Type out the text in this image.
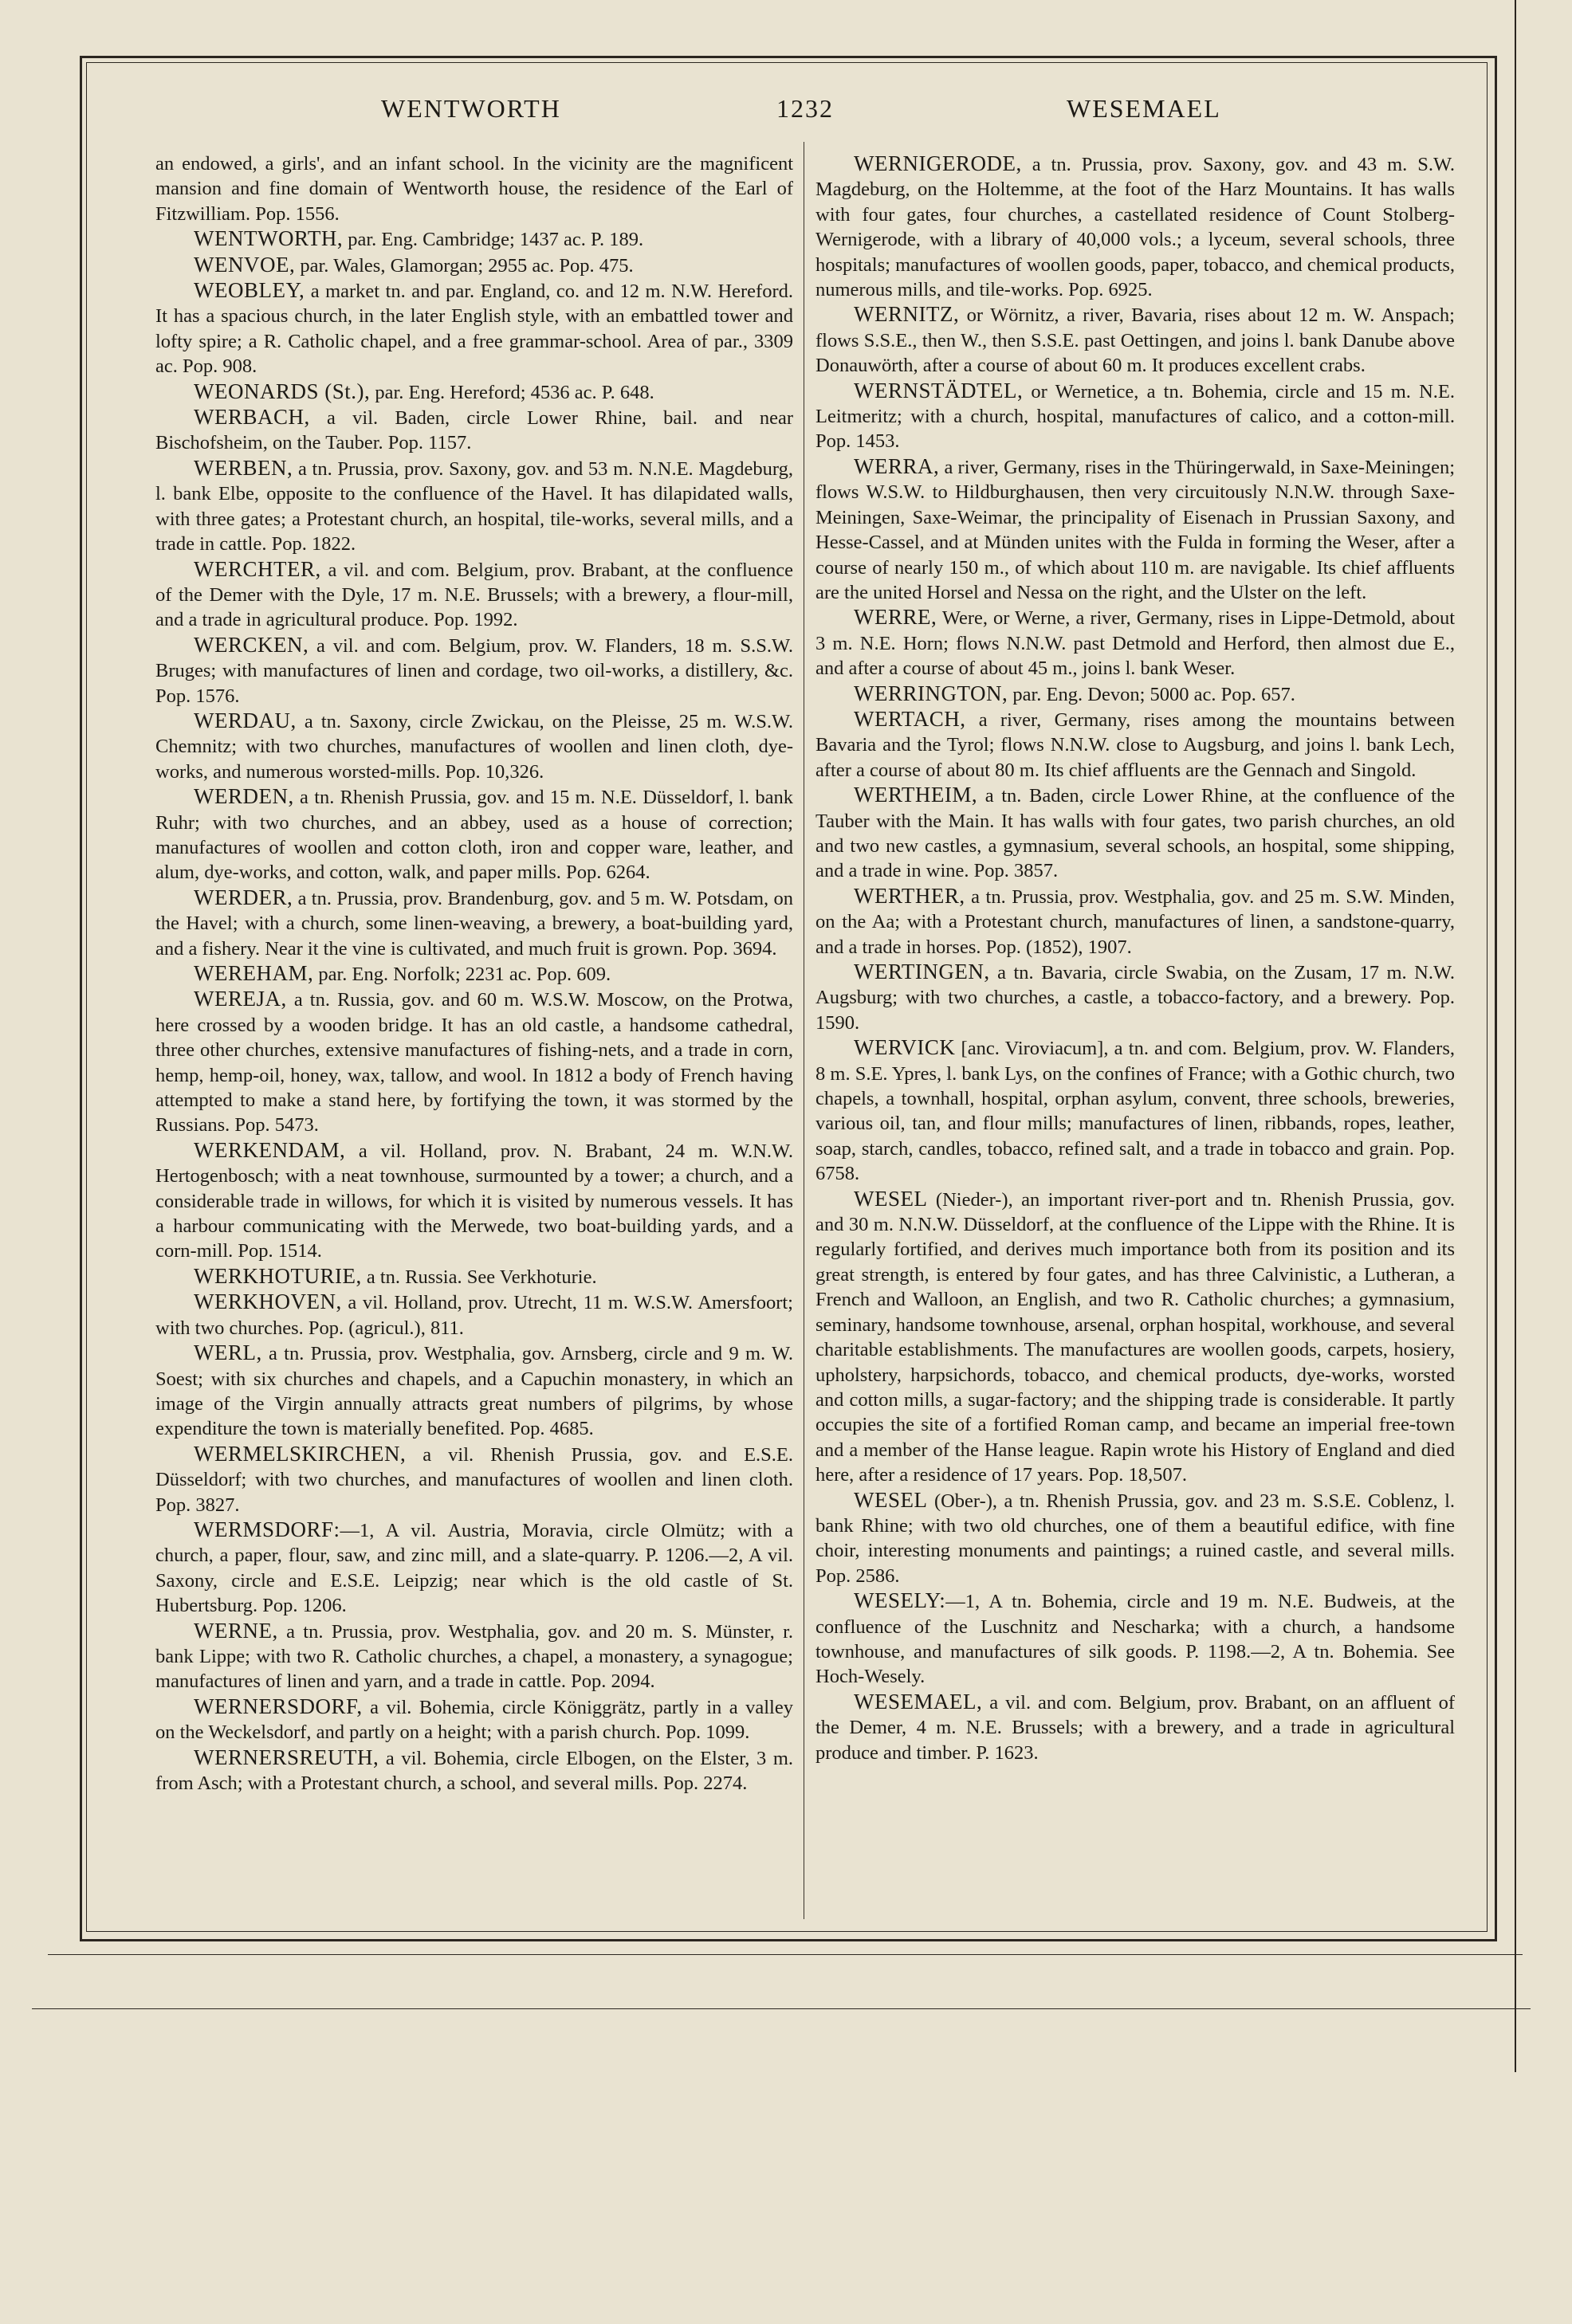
WENTWORTH	1232	WESEMAEL

an endowed, a girls', and an infant school. In the vicinity are the magnificent mansion and fine domain of Wentworth house, the residence of the Earl of Fitzwilliam. Pop. 1556.

WENTWORTH, par. Eng. Cambridge; 1437 ac. P. 189.

WENVOE, par. Wales, Glamorgan; 2955 ac. Pop. 475.

WEOBLEY, a market tn. and par. England, co. and 12 m. N.W. Hereford. It has a spacious church, in the later English style, with an embattled tower and lofty spire; a R. Catholic chapel, and a free grammar-school. Area of par., 3309 ac. Pop. 908.

WEONARDS (St.), par. Eng. Hereford; 4536 ac. P. 648.

WERBACH, a vil. Baden, circle Lower Rhine, bail. and near Bischofsheim, on the Tauber. Pop. 1157.

WERBEN, a tn. Prussia, prov. Saxony, gov. and 53 m. N.N.E. Magdeburg, l. bank Elbe, opposite to the confluence of the Havel. It has dilapidated walls, with three gates; a Protestant church, an hospital, tile-works, several mills, and a trade in cattle. Pop. 1822.

WERCHTER, a vil. and com. Belgium, prov. Brabant, at the confluence of the Demer with the Dyle, 17 m. N.E. Brussels; with a brewery, a flour-mill, and a trade in agricultural produce. Pop. 1992.

WERCKEN, a vil. and com. Belgium, prov. W. Flanders, 18 m. S.S.W. Bruges; with manufactures of linen and cordage, two oil-works, a distillery, &c. Pop. 1576.

WERDAU, a tn. Saxony, circle Zwickau, on the Pleisse, 25 m. W.S.W. Chemnitz; with two churches, manufactures of woollen and linen cloth, dye-works, and numerous worsted-mills. Pop. 10,326.

WERDEN, a tn. Rhenish Prussia, gov. and 15 m. N.E. Düsseldorf, l. bank Ruhr; with two churches, and an abbey, used as a house of correction; manufactures of woollen and cotton cloth, iron and copper ware, leather, and alum, dye-works, and cotton, walk, and paper mills. Pop. 6264.

WERDER, a tn. Prussia, prov. Brandenburg, gov. and 5 m. W. Potsdam, on the Havel; with a church, some linen-weaving, a brewery, a boat-building yard, and a fishery. Near it the vine is cultivated, and much fruit is grown. Pop. 3694.

WEREHAM, par. Eng. Norfolk; 2231 ac. Pop. 609.

WEREJA, a tn. Russia, gov. and 60 m. W.S.W. Moscow, on the Protwa, here crossed by a wooden bridge. It has an old castle, a handsome cathedral, three other churches, extensive manufactures of fishing-nets, and a trade in corn, hemp, hemp-oil, honey, wax, tallow, and wool. In 1812 a body of French having attempted to make a stand here, by fortifying the town, it was stormed by the Russians. Pop. 5473.

WERKENDAM, a vil. Holland, prov. N. Brabant, 24 m. W.N.W. Hertogenbosch; with a neat townhouse, surmounted by a tower; a church, and a considerable trade in willows, for which it is visited by numerous vessels. It has a harbour communicating with the Merwede, two boat-building yards, and a corn-mill. Pop. 1514.

WERKHOTURIE, a tn. Russia. See Verkhoturie.

WERKHOVEN, a vil. Holland, prov. Utrecht, 11 m. W.S.W. Amersfoort; with two churches. Pop. (agricul.), 811.

WERL, a tn. Prussia, prov. Westphalia, gov. Arnsberg, circle and 9 m. W. Soest; with six churches and chapels, and a Capuchin monastery, in which an image of the Virgin annually attracts great numbers of pilgrims, by whose expenditure the town is materially benefited. Pop. 4685.

WERMELSKIRCHEN, a vil. Rhenish Prussia, gov. and E.S.E. Düsseldorf; with two churches, and manufactures of woollen and linen cloth. Pop. 3827.

WERMSDORF:—1, A vil. Austria, Moravia, circle Olmütz; with a church, a paper, flour, saw, and zinc mill, and a slate-quarry. P. 1206.—2, A vil. Saxony, circle and E.S.E. Leipzig; near which is the old castle of St. Hubertsburg. Pop. 1206.

WERNE, a tn. Prussia, prov. Westphalia, gov. and 20 m. S. Münster, r. bank Lippe; with two R. Catholic churches, a chapel, a monastery, a synagogue; manufactures of linen and yarn, and a trade in cattle. Pop. 2094.

WERNERSDORF, a vil. Bohemia, circle Königgrätz, partly in a valley on the Weckelsdorf, and partly on a height; with a parish church. Pop. 1099.

WERNERSREUTH, a vil. Bohemia, circle Elbogen, on the Elster, 3 m. from Asch; with a Protestant church, a school, and several mills. Pop. 2274.

WERNIGERODE, a tn. Prussia, prov. Saxony, gov. and 43 m. S.W. Magdeburg, on the Holtemme, at the foot of the Harz Mountains. It has walls with four gates, four churches, a castellated residence of Count Stolberg-Wernigerode, with a library of 40,000 vols.; a lyceum, several schools, three hospitals; manufactures of woollen goods, paper, tobacco, and chemical products, numerous mills, and tile-works. Pop. 6925.

WERNITZ, or Wörnitz, a river, Bavaria, rises about 12 m. W. Anspach; flows S.S.E., then W., then S.S.E. past Oettingen, and joins l. bank Danube above Donauwörth, after a course of about 60 m. It produces excellent crabs.

WERNSTÄDTEL, or Wernetice, a tn. Bohemia, circle and 15 m. N.E. Leitmeritz; with a church, hospital, manufactures of calico, and a cotton-mill. Pop. 1453.

WERRA, a river, Germany, rises in the Thüringerwald, in Saxe-Meiningen; flows W.S.W. to Hildburghausen, then very circuitously N.N.W. through Saxe-Meiningen, Saxe-Weimar, the principality of Eisenach in Prussian Saxony, and Hesse-Cassel, and at Münden unites with the Fulda in forming the Weser, after a course of nearly 150 m., of which about 110 m. are navigable. Its chief affluents are the united Horsel and Nessa on the right, and the Ulster on the left.

WERRE, Were, or Werne, a river, Germany, rises in Lippe-Detmold, about 3 m. N.E. Horn; flows N.N.W. past Detmold and Herford, then almost due E., and after a course of about 45 m., joins l. bank Weser.

WERRINGTON, par. Eng. Devon; 5000 ac. Pop. 657.

WERTACH, a river, Germany, rises among the mountains between Bavaria and the Tyrol; flows N.N.W. close to Augsburg, and joins l. bank Lech, after a course of about 80 m. Its chief affluents are the Gennach and Singold.

WERTHEIM, a tn. Baden, circle Lower Rhine, at the confluence of the Tauber with the Main. It has walls with four gates, two parish churches, an old and two new castles, a gymnasium, several schools, an hospital, some shipping, and a trade in wine. Pop. 3857.

WERTHER, a tn. Prussia, prov. Westphalia, gov. and 25 m. S.W. Minden, on the Aa; with a Protestant church, manufactures of linen, a sandstone-quarry, and a trade in horses. Pop. (1852), 1907.

WERTINGEN, a tn. Bavaria, circle Swabia, on the Zusam, 17 m. N.W. Augsburg; with two churches, a castle, a tobacco-factory, and a brewery. Pop. 1590.

WERVICK [anc. Viroviacum], a tn. and com. Belgium, prov. W. Flanders, 8 m. S.E. Ypres, l. bank Lys, on the confines of France; with a Gothic church, two chapels, a townhall, hospital, orphan asylum, convent, three schools, breweries, various oil, tan, and flour mills; manufactures of linen, ribbands, ropes, leather, soap, starch, candles, tobacco, refined salt, and a trade in tobacco and grain. Pop. 6758.

WESEL (Nieder-), an important river-port and tn. Rhenish Prussia, gov. and 30 m. N.N.W. Düsseldorf, at the confluence of the Lippe with the Rhine. It is regularly fortified, and derives much importance both from its position and its great strength, is entered by four gates, and has three Calvinistic, a Lutheran, a French and Walloon, an English, and two R. Catholic churches; a gymnasium, seminary, handsome townhouse, arsenal, orphan hospital, workhouse, and several charitable establishments. The manufactures are woollen goods, carpets, hosiery, upholstery, harpsichords, tobacco, and chemical products, dye-works, worsted and cotton mills, a sugar-factory; and the shipping trade is considerable. It partly occupies the site of a fortified Roman camp, and became an imperial free-town and a member of the Hanse league. Rapin wrote his History of England and died here, after a residence of 17 years. Pop. 18,507.

WESEL (Ober-), a tn. Rhenish Prussia, gov. and 23 m. S.S.E. Coblenz, l. bank Rhine; with two old churches, one of them a beautiful edifice, with fine choir, interesting monuments and paintings; a ruined castle, and several mills. Pop. 2586.

WESELY:—1, A tn. Bohemia, circle and 19 m. N.E. Budweis, at the confluence of the Luschnitz and Nescharka; with a church, a handsome townhouse, and manufactures of silk goods. P. 1198.—2, A tn. Bohemia. See Hoch-Wesely.

WESEMAEL, a vil. and com. Belgium, prov. Brabant, on an affluent of the Demer, 4 m. N.E. Brussels; with a brewery, and a trade in agricultural produce and timber. P. 1623.
